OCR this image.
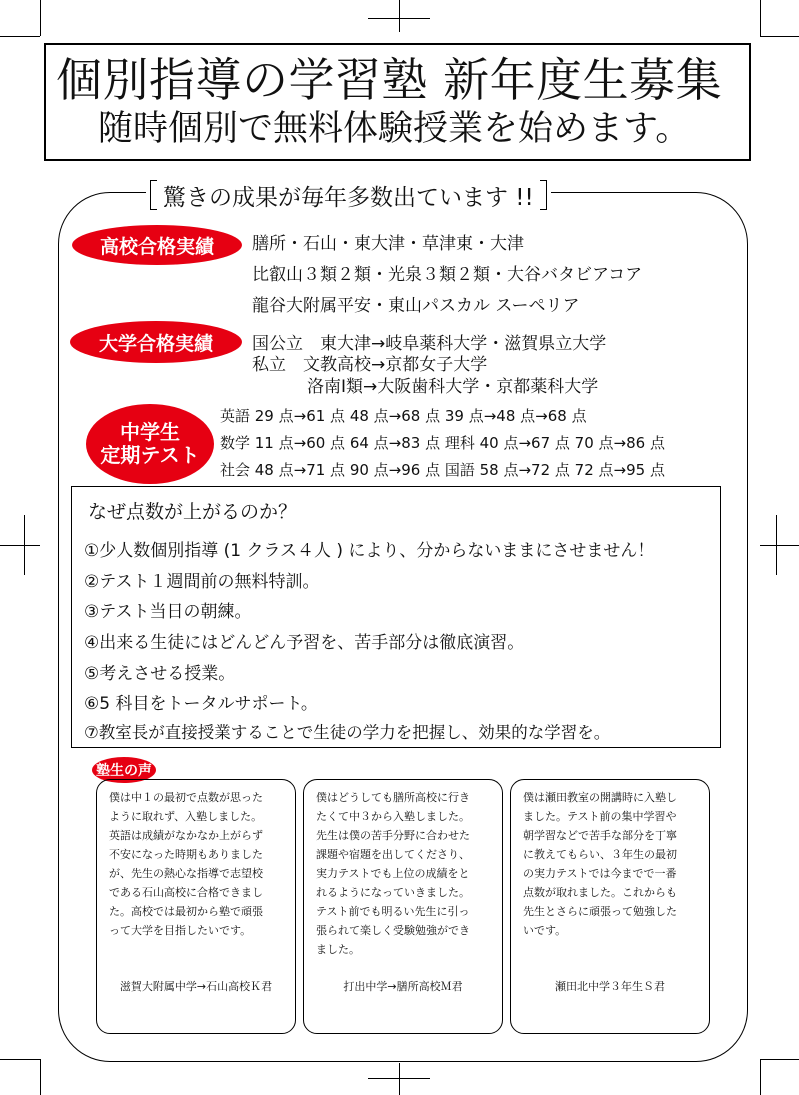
個別指導の学習塾 新年度生募集
随時個別で無料体験授業を始めます。
驚きの成果が毎年多数出ています !!
高校合格実績	膳所・石山・東大津・草津東・大津
比叡山３類２類・光泉３類２類・大谷バタビアコア
龍谷大附属平安・東山パスカル スーペリア
大学合格実績	国公立　東大津→岐阜薬科大学・滋賀県立大学
私立　文教高校→京都女子大学
洛南Ⅰ類→大阪歯科大学・京都薬科大学
中学生
定期テスト
英語 29 点→61 点 48 点→68 点 39 点→48 点→68 点
数学 11 点→60 点 64 点→83 点 理科 40 点→67 点 70 点→86 点
社会 48 点→71 点 90 点→96 点 国語 58 点→72 点 72 点→95 点
なぜ点数が上がるのか？
①少人数個別指導 (1 クラス４人 ) により、分からないままにさせません！
②テスト１週間前の無料特訓。
③テスト当日の朝練。
④出来る生徒にはどんどん予習を、苦手部分は徹底演習。
⑤考えさせる授業。
⑥5 科目をトータルサポート。
⑦教室長が直接授業することで生徒の学力を把握し、効果的な学習を。
塾生の声
僕は中１の最初で点数が思った
ように取れず、入塾しました。
英語は成績がなかなか上がらず
不安になった時期もありました
が、先生の熱心な指導で志望校
である石山高校に合格できまし
た。高校では最初から塾で頑張
って大学を目指したいです。
滋賀大附属中学→石山高校Ｋ君
僕はどうしても膳所高校に行き
たくて中３から入塾しました。
先生は僕の苦手分野に合わせた
課題や宿題を出してくださり、
実力テストでも上位の成績をと
れるようになっていきました。
テスト前でも明るい先生に引っ
張られて楽しく受験勉強ができ
ました。
打出中学→膳所高校Ｍ君
僕は瀬田教室の開講時に入塾し
ました。テスト前の集中学習や
朝学習などで苦手な部分を丁寧
に教えてもらい、３年生の最初
の実力テストでは今までで一番
点数が取れました。これからも
先生とさらに頑張って勉強した
いです。
瀬田北中学３年生Ｓ君
